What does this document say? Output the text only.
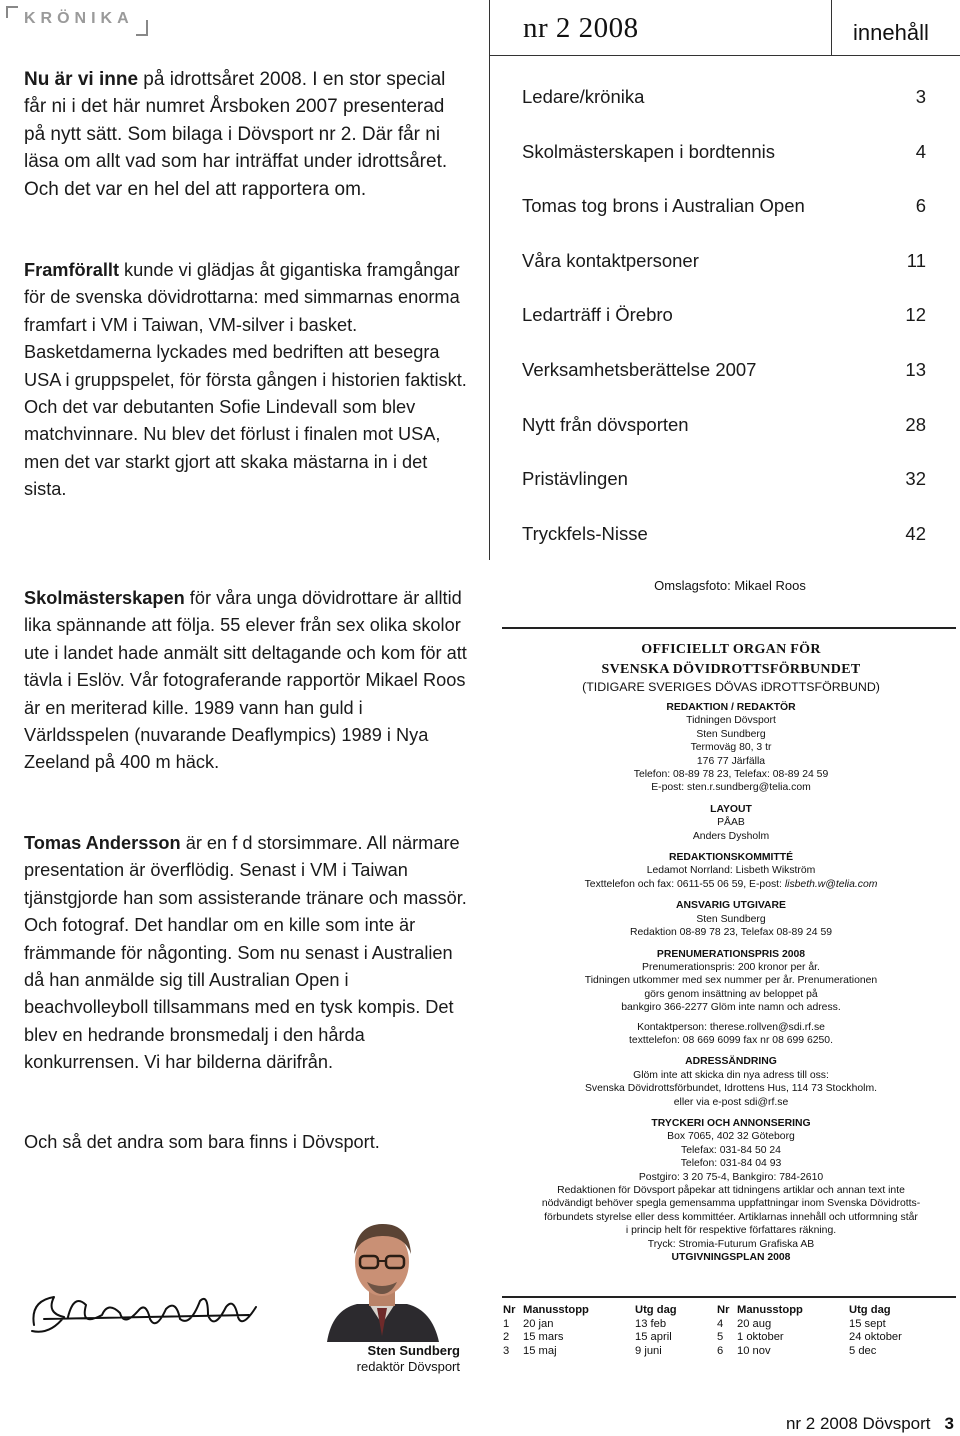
KRÖNIKA
Nu är vi inne på idrottsåret 2008. I en stor special får ni i det här numret Årsboken 2007 presenterad på nytt sätt. Som bilaga i Dövsport nr 2. Där får ni läsa om allt vad som har inträffat under idrottsåret. Och det var en hel del att rapportera om.
Framförallt kunde vi glädjas åt gigantiska framgångar för de svenska dövidrottarna: med simmarnas enorma framfart i VM i Taiwan, VM-silver i basket. Basketdamerna lyckades med bedriften att besegra USA i gruppspelet, för första gången i historien faktiskt. Och det var debutanten Sofie Lindevall som blev matchvinnare. Nu blev det förlust i finalen mot USA, men det var starkt gjort att skaka mästarna in i det sista.
Skolmästerskapen för våra unga dövidrottare är alltid lika spännande att följa. 55 elever från sex olika skolor ute i landet hade anmält sitt deltagande och kom för att tävla i Eslöv. Vår fotograferande rapportör Mikael Roos är en meriterad kille. 1989 vann han guld i Världsspelen (nuvarande Deaflympics) 1989 i Nya Zeeland på 400 m häck.
Tomas Andersson är en f d storsimmare. All närmare presentation är överflödig. Senast i VM i Taiwan tjänstgjorde han som assisterande tränare och massör. Och fotograf. Det handlar om en kille som inte är främmande för någonting. Som nu senast i Australien då han anmälde sig till Australian Open i beachvolleyboll tillsammans med en tysk kompis. Det blev en hedrande bronsmedalj i den hårda konkurrensen. Vi har bilderna därifrån.
Och så det andra som bara finns i Dövsport.
Sten Sundberg
redaktör Dövsport
nr 2 2008	innehåll
Ledare/krönika	3
Skolmästerskapen i bordtennis	4
Tomas tog brons i Australian Open	6
Våra kontaktpersoner	11
Ledarträff i Örebro	12
Verksamhetsberättelse 2007	13
Nytt från dövsporten	28
Pristävlingen	32
Tryckfels-Nisse	42
Omslagsfoto: Mikael Roos
OFFICIELLT ORGAN FÖR
SVENSKA DÖVIDROTTSFÖRBUNDET
(TIDIGARE SVERIGES DÖVAS iDROTTSFÖRBUND)
REDAKTION / REDAKTÖR
Tidningen Dövsport
Sten Sundberg
Termoväg 80, 3 tr
176 77 Järfälla
Telefon: 08-89 78 23, Telefax: 08-89 24 59
E-post: sten.r.sundberg@telia.com
LAYOUT
PÅAB
Anders Dysholm
REDAKTIONSKOMMITTÉ
Ledamot Norrland: Lisbeth Wikström
Texttelefon och fax: 0611-55 06 59, E-post: lisbeth.w@telia.com
ANSVARIG UTGIVARE
Sten Sundberg
Redaktion 08-89 78 23, Telefax 08-89 24 59
PRENUMERATIONSPRIS 2008
Prenumerationspris: 200 kronor per år.
Tidningen utkommer med sex nummer per år. Prenumerationen
görs genom insättning av beloppet på
bankgiro 366-2277 Glöm inte namn och adress.
Kontaktperson: therese.rollven@sdi.rf.se
texttelefon: 08 669 6099 fax nr 08 699 6250.
ADRESSÄNDRING
Glöm inte att skicka din nya adress till oss:
Svenska Dövidrottsförbundet, Idrottens Hus, 114 73 Stockholm.
eller via e-post sdi@rf.se
TRYCKERI OCH ANNONSERING
Box 7065, 402 32 Göteborg
Telefax: 031-84 50 24
Telefon: 031-84 04 93
Postgiro: 3 20 75-4, Bankgiro: 784-2610
Redaktionen för Dövsport påpekar att tidningens artiklar och annan text inte
nödvändigt behöver spegla gemensamma uppfattningar inom Svenska Dövidrotts-
förbundets styrelse eller dess kommittéer. Artiklarnas innehåll och utformning står
i princip helt för respektive författares räkning.
Tryck: Stromia-Futurum Grafiska AB
UTGIVNINGSPLAN 2008
Nr	Manusstopp	Utg dag
1	20 jan	13 feb
2	15 mars	15 april
3	15 maj	9 juni
Nr	Manusstopp	Utg dag
4	20 aug	15 sept
5	1 oktober	24 oktober
6	10 nov	5 dec
nr 2 2008 Dövsport 3
